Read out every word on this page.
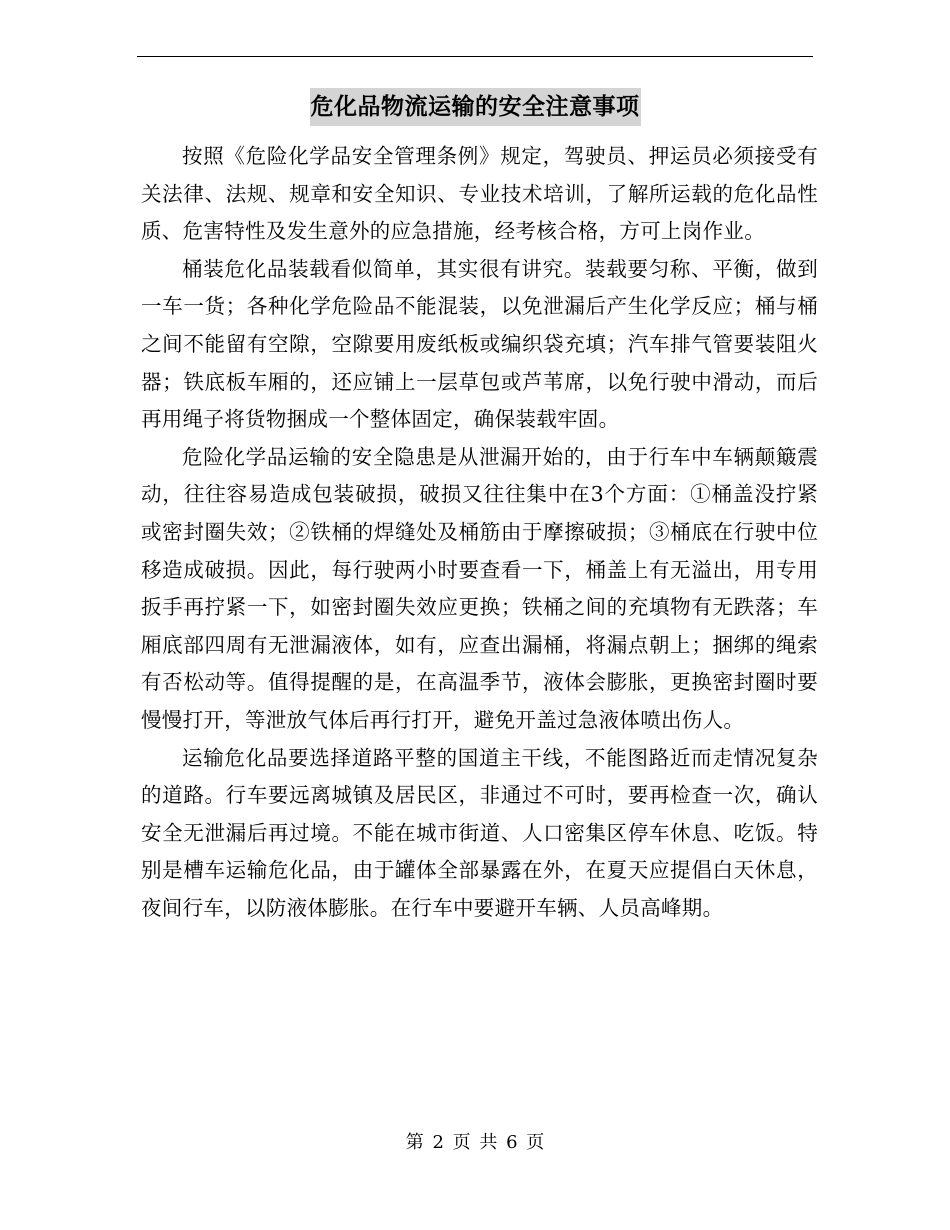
危化品物流运输的安全注意事项

按照《危险化学品安全管理条例》规定，驾驶员、押运员必须接受有关法律、法规、规章和安全知识、专业技术培训，了解所运载的危化品性质、危害特性及发生意外的应急措施，经考核合格，方可上岗作业。

桶装危化品装载看似简单，其实很有讲究。装载要匀称、平衡，做到一车一货；各种化学危险品不能混装，以免泄漏后产生化学反应；桶与桶之间不能留有空隙，空隙要用废纸板或编织袋充填；汽车排气管要装阻火器；铁底板车厢的，还应铺上一层草包或芦苇席，以免行驶中滑动，而后再用绳子将货物捆成一个整体固定，确保装载牢固。

危险化学品运输的安全隐患是从泄漏开始的，由于行车中车辆颠簸震动，往往容易造成包装破损，破损又往往集中在3个方面：①桶盖没拧紧或密封圈失效；②铁桶的焊缝处及桶筋由于摩擦破损；③桶底在行驶中位移造成破损。因此，每行驶两小时要查看一下，桶盖上有无溢出，用专用扳手再拧紧一下，如密封圈失效应更换；铁桶之间的充填物有无跌落；车厢底部四周有无泄漏液体，如有，应查出漏桶，将漏点朝上；捆绑的绳索有否松动等。值得提醒的是，在高温季节，液体会膨胀，更换密封圈时要慢慢打开，等泄放气体后再行打开，避免开盖过急液体喷出伤人。

运输危化品要选择道路平整的国道主干线，不能图路近而走情况复杂的道路。行车要远离城镇及居民区，非通过不可时，要再检查一次，确认安全无泄漏后再过境。不能在城市街道、人口密集区停车休息、吃饭。特别是槽车运输危化品，由于罐体全部暴露在外，在夏天应提倡白天休息，夜间行车，以防液体膨胀。在行车中要避开车辆、人员高峰期。

第 2 页 共 6 页
